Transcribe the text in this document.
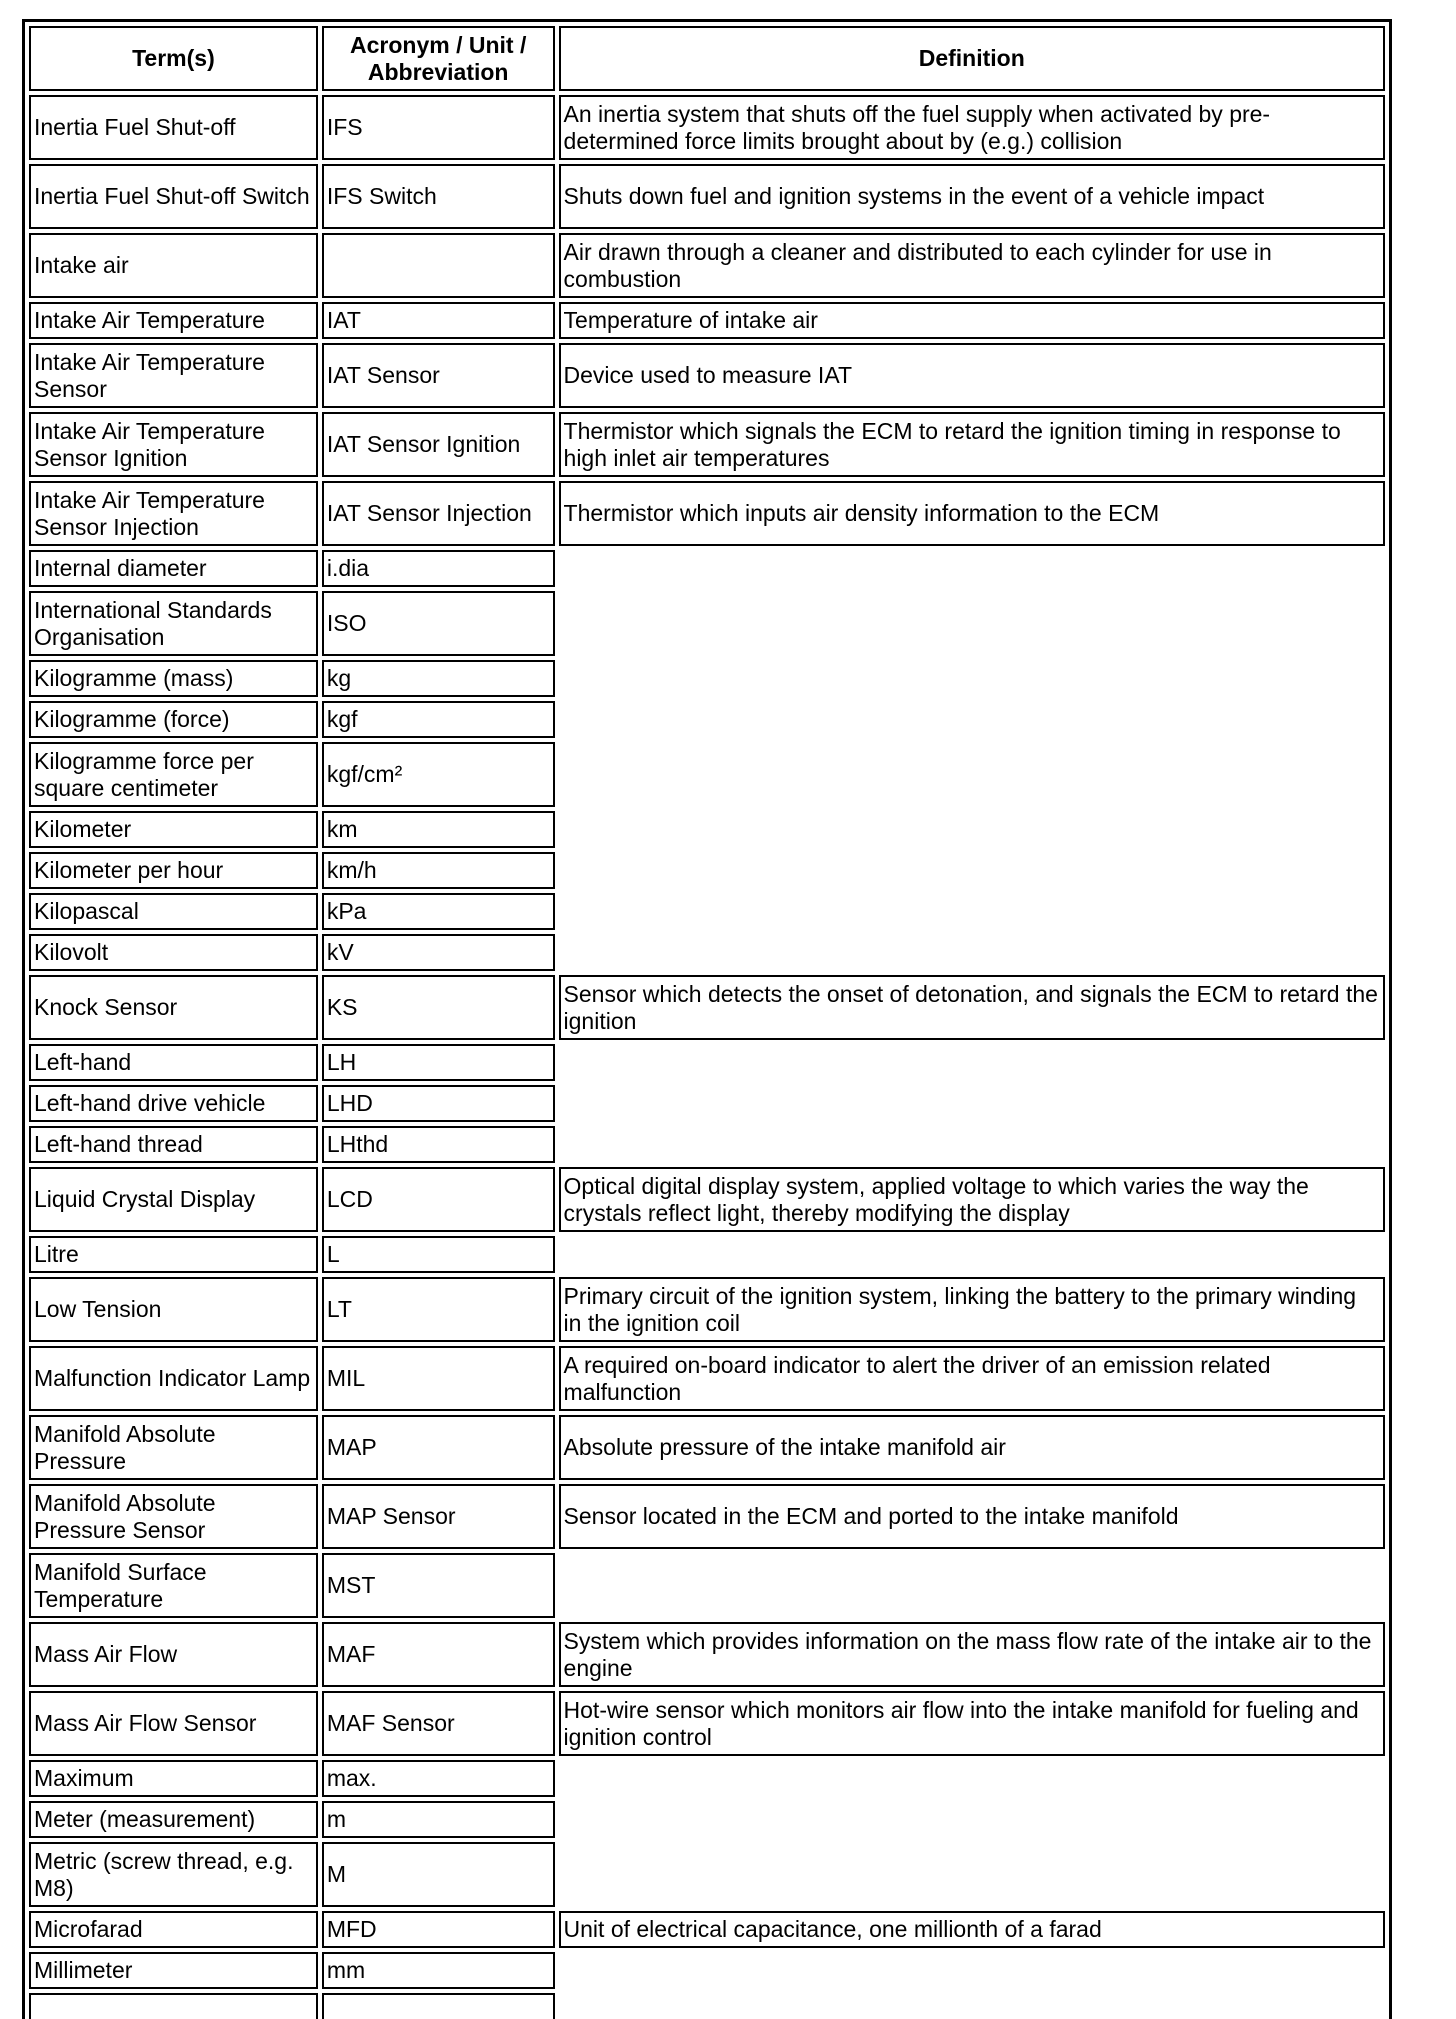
Term(s)	Acronym / Unit / Abbreviation	Definition
Inertia Fuel Shut-off	IFS	An inertia system that shuts off the fuel supply when activated by pre-determined force limits brought about by (e.g.) collision
Inertia Fuel Shut-off Switch	IFS Switch	Shuts down fuel and ignition systems in the event of a vehicle impact
Intake air		Air drawn through a cleaner and distributed to each cylinder for use in combustion
Intake Air Temperature	IAT	Temperature of intake air
Intake Air Temperature Sensor	IAT Sensor	Device used to measure IAT
Intake Air Temperature Sensor Ignition	IAT Sensor Ignition	Thermistor which signals the ECM to retard the ignition timing in response to high inlet air temperatures
Intake Air Temperature Sensor Injection	IAT Sensor Injection	Thermistor which inputs air density information to the ECM
Internal diameter	i.dia	
International Standards Organisation	ISO	
Kilogramme (mass)	kg	
Kilogramme (force)	kgf	
Kilogramme force per square centimeter	kgf/cm²	
Kilometer	km	
Kilometer per hour	km/h	
Kilopascal	kPa	
Kilovolt	kV	
Knock Sensor	KS	Sensor which detects the onset of detonation, and signals the ECM to retard the ignition
Left-hand	LH	
Left-hand drive vehicle	LHD	
Left-hand thread	LHthd	
Liquid Crystal Display	LCD	Optical digital display system, applied voltage to which varies the way the crystals reflect light, thereby modifying the display
Litre	L	
Low Tension	LT	Primary circuit of the ignition system, linking the battery to the primary winding in the ignition coil
Malfunction Indicator Lamp	MIL	A required on-board indicator to alert the driver of an emission related malfunction
Manifold Absolute Pressure	MAP	Absolute pressure of the intake manifold air
Manifold Absolute Pressure Sensor	MAP Sensor	Sensor located in the ECM and ported to the intake manifold
Manifold Surface Temperature	MST	
Mass Air Flow	MAF	System which provides information on the mass flow rate of the intake air to the engine
Mass Air Flow Sensor	MAF Sensor	Hot-wire sensor which monitors air flow into the intake manifold for fueling and ignition control
Maximum	max.	
Meter (measurement)	m	
Metric (screw thread, e.g. M8)	M	
Microfarad	MFD	Unit of electrical capacitance, one millionth of a farad
Millimeter	mm	
